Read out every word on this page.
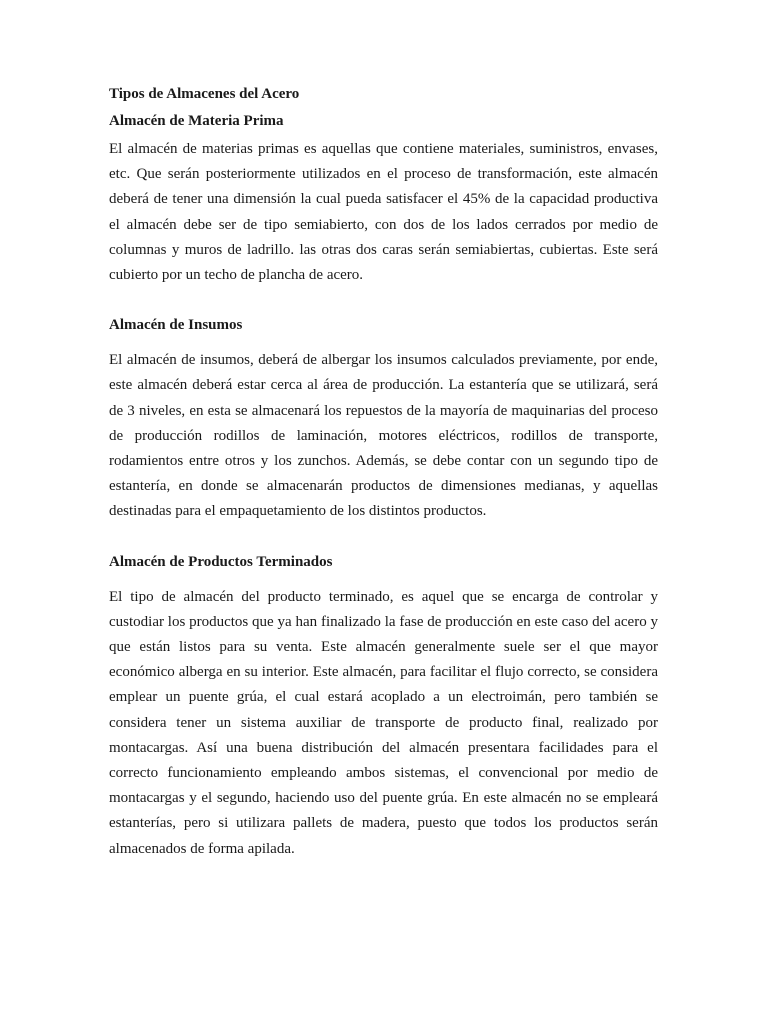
Tipos de Almacenes del Acero
Almacén de Materia Prima

El almacén de materias primas es aquellas que contiene materiales, suministros, envases, etc. Que serán posteriormente utilizados en el proceso de transformación, este almacén deberá de tener una dimensión la cual pueda satisfacer el 45% de la capacidad productiva el almacén debe ser de tipo semiabierto, con dos de los lados cerrados por medio de columnas y muros de ladrillo. las otras dos caras serán semiabiertas, cubiertas. Este será cubierto por un techo de plancha de acero.

Almacén de Insumos

El almacén de insumos, deberá de albergar los insumos calculados previamente, por ende, este almacén deberá estar cerca al área de producción. La estantería que se utilizará, será de 3 niveles, en esta se almacenará los repuestos de la mayoría de maquinarias del proceso de producción rodillos de laminación, motores eléctricos, rodillos de transporte, rodamientos entre otros y los zunchos. Además, se debe contar con un segundo tipo de estantería, en donde se almacenarán productos de dimensiones medianas, y aquellas destinadas para el empaquetamiento de los distintos productos.

Almacén de Productos Terminados

El tipo de almacén del producto terminado, es aquel que se encarga de controlar y custodiar los productos que ya han finalizado la fase de producción en este caso del acero y que están listos para su venta. Este almacén generalmente suele ser el que mayor económico alberga en su interior. Este almacén, para facilitar el flujo correcto, se considera emplear un puente grúa, el cual estará acoplado a un electroimán, pero también se considera tener un sistema auxiliar de transporte de producto final, realizado por montacargas. Así una buena distribución del almacén presentara facilidades para el correcto funcionamiento empleando ambos sistemas, el convencional por medio de montacargas y el segundo, haciendo uso del puente grúa. En este almacén no se empleará estanterías, pero si utilizara pallets de madera, puesto que todos los productos serán almacenados de forma apilada.
